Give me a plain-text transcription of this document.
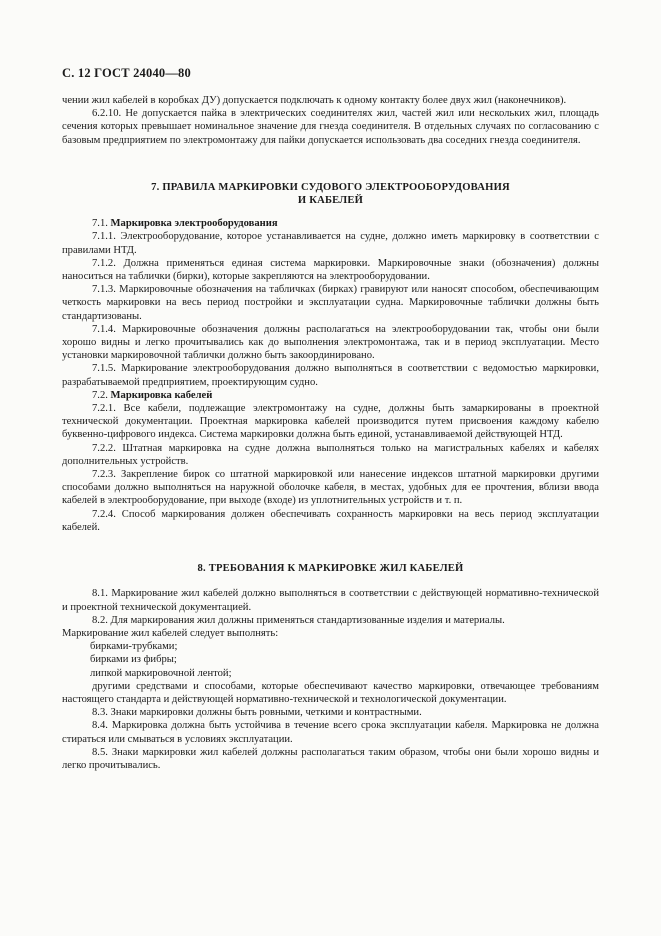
С. 12 ГОСТ 24040—80

чении жил кабелей в коробках ДУ) допускается подключать к одному контакту более двух жил (наконечников).

6.2.10. Не допускается пайка в электрических соединителях жил, частей жил или нескольких жил, площадь сечения которых превышает номинальное значение для гнезда соединителя. В отдельных случаях по согласованию с базовым предприятием по электромонтажу для пайки допускается использовать два соседних гнезда соединителя.

7. ПРАВИЛА МАРКИРОВКИ СУДОВОГО ЭЛЕКТРООБОРУДОВАНИЯ
И КАБЕЛЕЙ

7.1. Маркировка электрооборудования

7.1.1. Электрооборудование, которое устанавливается на судне, должно иметь маркировку в соответствии с правилами НТД.

7.1.2. Должна применяться единая система маркировки. Маркировочные знаки (обозначения) должны наноситься на таблички (бирки), которые закрепляются на электрооборудовании.

7.1.3. Маркировочные обозначения на табличках (бирках) гравируют или наносят способом, обеспечивающим четкость маркировки на весь период постройки и эксплуатации судна. Маркировочные таблички должны быть стандартизованы.

7.1.4. Маркировочные обозначения должны располагаться на электрооборудовании так, чтобы они были хорошо видны и легко прочитывались как до выполнения электромонтажа, так и в период эксплуатации. Место установки маркировочной таблички должно быть закоординировано.

7.1.5. Маркирование электрооборудования должно выполняться в соответствии с ведомостью маркировки, разрабатываемой предприятием, проектирующим судно.

7.2. Маркировка кабелей

7.2.1. Все кабели, подлежащие электромонтажу на судне, должны быть замаркированы в проектной технической документации. Проектная маркировка кабелей производится путем присвоения каждому кабелю буквенно-цифрового индекса. Система маркировки должна быть единой, устанавливаемой действующей НТД.

7.2.2. Штатная маркировка на судне должна выполняться только на магистральных кабелях и кабелях дополнительных устройств.

7.2.3. Закрепление бирок со штатной маркировкой или нанесение индексов штатной маркировки другими способами должно выполняться на наружной оболочке кабеля, в местах, удобных для ее прочтения, вблизи ввода кабелей в электрооборудование, при выходе (входе) из уплотнительных устройств и т. п.

7.2.4. Способ маркирования должен обеспечивать сохранность маркировки на весь период эксплуатации кабелей.

8. ТРЕБОВАНИЯ К МАРКИРОВКЕ ЖИЛ КАБЕЛЕЙ

8.1. Маркирование жил кабелей должно выполняться в соответствии с действующей нормативно-технической и проектной технической документацией.

8.2. Для маркирования жил должны применяться стандартизованные изделия и материалы.

Маркирование жил кабелей следует выполнять:

бирками-трубками;

бирками из фибры;

липкой маркировочной лентой;

другими средствами и способами, которые обеспечивают качество маркировки, отвечающее требованиям настоящего стандарта и действующей нормативно-технической и технологической документации.

8.3. Знаки маркировки должны быть ровными, четкими и контрастными.

8.4. Маркировка должна быть устойчива в течение всего срока эксплуатации кабеля. Маркировка не должна стираться или смываться в условиях эксплуатации.

8.5. Знаки маркировки жил кабелей должны располагаться таким образом, чтобы они были хорошо видны и легко прочитывались.
